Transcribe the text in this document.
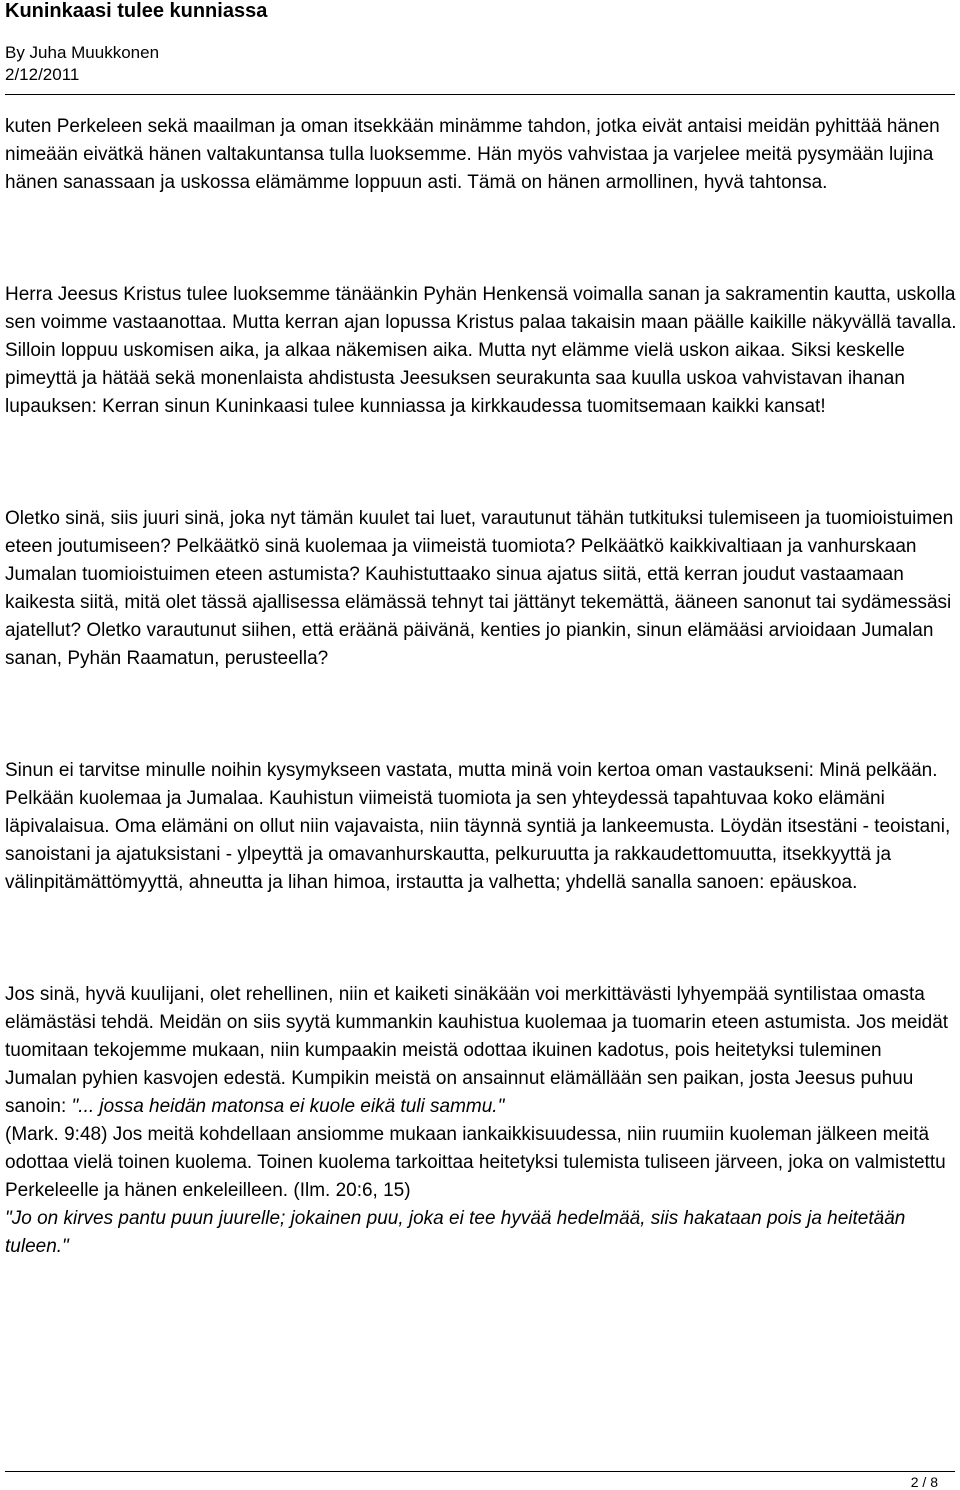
Kuninkaasi tulee kunniassa
By Juha Muukkonen
2/12/2011

kuten Perkeleen sekä maailman ja oman itsekkään minämme tahdon, jotka eivät antaisi meidän pyhittää hänen nimeään eivätkä hänen valtakuntansa tulla luoksemme. Hän myös vahvistaa ja varjelee meitä pysymään lujina hänen sanassaan ja uskossa elämämme loppuun asti. Tämä on hänen armollinen, hyvä tahtonsa.

Herra Jeesus Kristus tulee luoksemme tänäänkin Pyhän Henkensä voimalla sanan ja sakramentin kautta, uskolla sen voimme vastaanottaa. Mutta kerran ajan lopussa Kristus palaa takaisin maan päälle kaikille näkyvällä tavalla. Silloin loppuu uskomisen aika, ja alkaa näkemisen aika. Mutta nyt elämme vielä uskon aikaa. Siksi keskelle pimeyttä ja hätää sekä monenlaista ahdistusta Jeesuksen seurakunta saa kuulla uskoa vahvistavan ihanan lupauksen: Kerran sinun Kuninkaasi tulee kunniassa ja kirkkaudessa tuomitsemaan kaikki kansat!

Oletko sinä, siis juuri sinä, joka nyt tämän kuulet tai luet, varautunut tähän tutkituksi tulemiseen ja tuomioistuimen eteen joutumiseen? Pelkäätkö sinä kuolemaa ja viimeistä tuomiota? Pelkäätkö kaikkivaltiaan ja vanhurskaan Jumalan tuomioistuimen eteen astumista? Kauhistuttaako sinua ajatus siitä, että kerran joudut vastaamaan kaikesta siitä, mitä olet tässä ajallisessa elämässä tehnyt tai jättänyt tekemättä, ääneen sanonut tai sydämessäsi ajatellut? Oletko varautunut siihen, että eräänä päivänä, kenties jo piankin, sinun elämääsi arvioidaan Jumalan sanan, Pyhän Raamatun, perusteella?

Sinun ei tarvitse minulle noihin kysymykseen vastata, mutta minä voin kertoa oman vastaukseni: Minä pelkään. Pelkään kuolemaa ja Jumalaa. Kauhistun viimeistä tuomiota ja sen yhteydessä tapahtuvaa koko elämäni läpivalaisua. Oma elämäni on ollut niin vajavaista, niin täynnä syntiä ja lankeemusta. Löydän itsestäni - teoistani, sanoistani ja ajatuksistani - ylpeyttä ja omavanhurskautta, pelkuruutta ja rakkaudettomuutta, itsekkyyttä ja välinpitämättömyyttä, ahneutta ja lihan himoa, irstautta ja valhetta; yhdellä sanalla sanoen: epäuskoa.

Jos sinä, hyvä kuulijani, olet rehellinen, niin et kaiketi sinäkään voi merkittävästi lyhyempää syntilistaa omasta elämästäsi tehdä. Meidän on siis syytä kummankin kauhistua kuolemaa ja tuomarin eteen astumista. Jos meidät tuomitaan tekojemme mukaan, niin kumpaakin meistä odottaa ikuinen kadotus, pois heitetyksi tuleminen Jumalan pyhien kasvojen edestä. Kumpikin meistä on ansainnut elämällään sen paikan, josta Jeesus puhuu sanoin: "... jossa heidän matonsa ei kuole eikä tuli sammu."
(Mark. 9:48) Jos meitä kohdellaan ansiomme mukaan iankaikkisuudessa, niin ruumiin kuoleman jälkeen meitä odottaa vielä toinen kuolema. Toinen kuolema tarkoittaa heitetyksi tulemista tuliseen järveen, joka on valmistettu Perkeleelle ja hänen enkeleilleen. (Ilm. 20:6, 15)
"Jo on kirves pantu puun juurelle; jokainen puu, joka ei tee hyvää hedelmää, siis hakataan pois ja heitetään tuleen."

2 / 8
